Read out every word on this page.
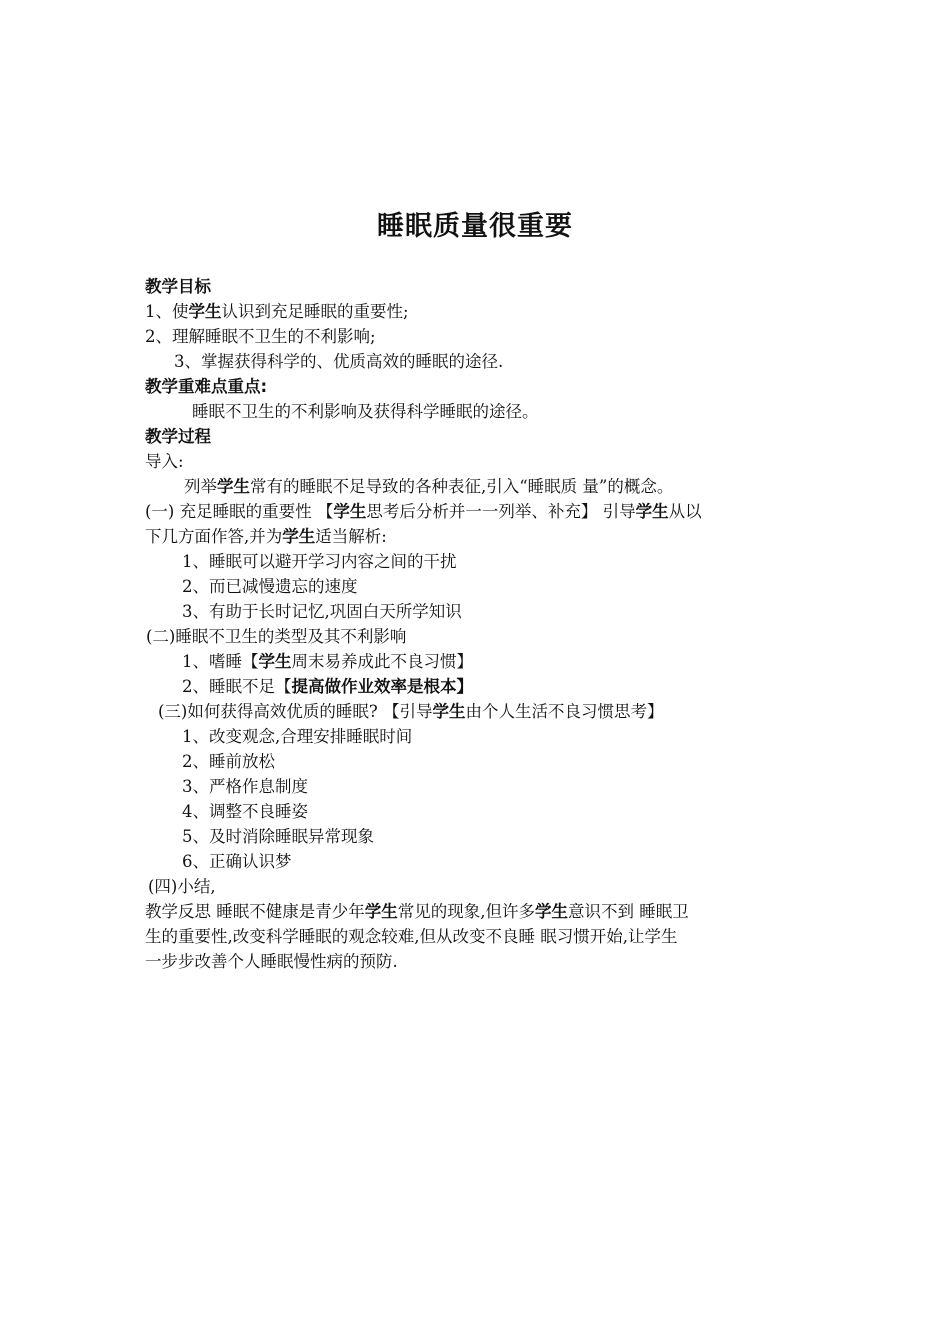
睡眠质量很重要
教学目标
1、使学生认识到充足睡眠的重要性;
2、理解睡眠不卫生的不利影响;
3、掌握获得科学的、优质高效的睡眠的途径.
教学重难点重点:
睡眠不卫生的不利影响及获得科学睡眠的途径。
教学过程
导入:
列举学生常有的睡眠不足导致的各种表征,引入“睡眠质 量”的概念。
(一) 充足睡眠的重要性 【学生思考后分析并一一列举、补充】 引导学生从以
下几方面作答,并为学生适当解析:
1、睡眠可以避开学习内容之间的干扰
2、而已减慢遗忘的速度
3、有助于长时记忆,巩固白天所学知识
(二)睡眠不卫生的类型及其不利影响
1、嗜睡【学生周末易养成此不良习惯】
2、睡眠不足【提高做作业效率是根本】
(三)如何获得高效优质的睡眠? 【引导学生由个人生活不良习惯思考】
1、改变观念,合理安排睡眠时间
2、睡前放松
3、严格作息制度
4、调整不良睡姿
5、及时消除睡眠异常现象
6、正确认识梦
(四)小结,
教学反思 睡眠不健康是青少年学生常见的现象,但许多学生意识不到 睡眠卫
生的重要性,改变科学睡眠的观念较难,但从改变不良睡 眠习惯开始,让学生
一步步改善个人睡眠慢性病的预防.
